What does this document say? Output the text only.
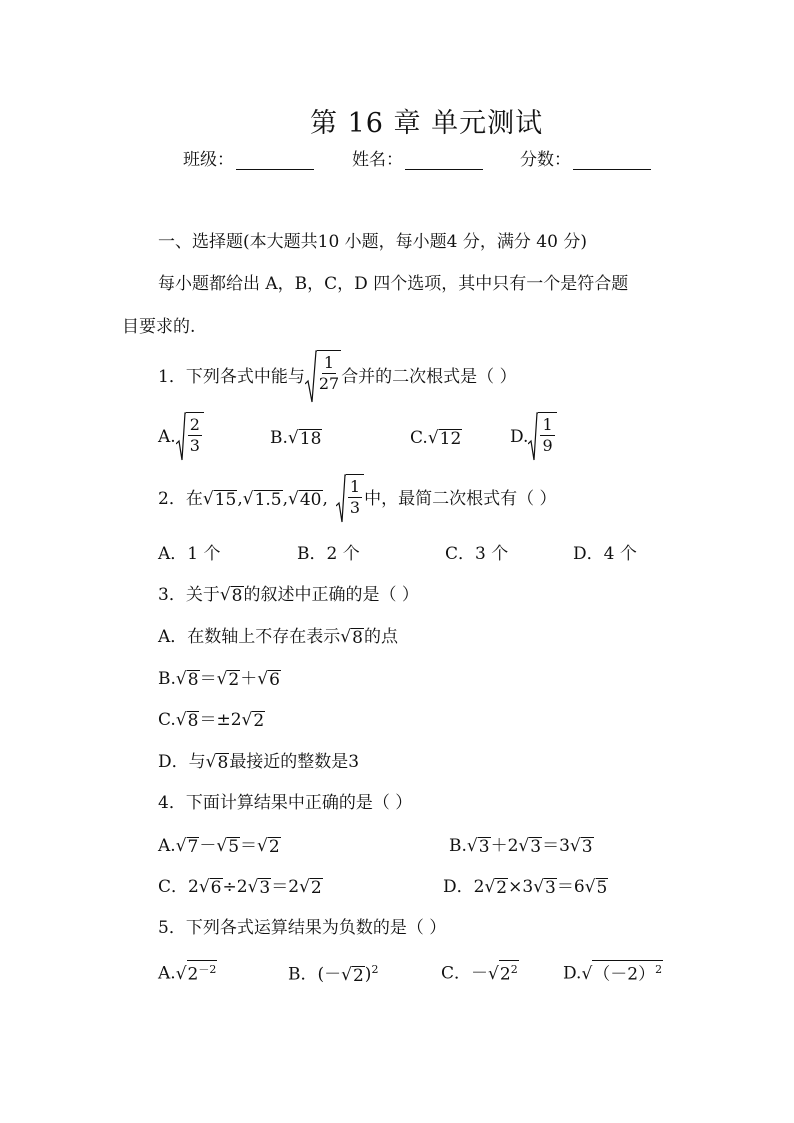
第 16 章 单元测试
班级：	姓名：	分数：
一、选择题(本大题共10 小题，每小题4 分，满分 40 分)
每小题都给出 A，B，C，D 四个选项，其中只有一个是符合题
目要求的.
1．下列各式中能与 $\frac{1}{27}$ 合并的二次根式是（ ）
A. $\frac{2}{3}$	B. √ 18	C. √ 12	D. $\frac{1}{9}$
2．在 √ 15 , √ 1.5 , √ 40 , $\frac{1}{3}$ 中，最简二次根式有（ ）
A．1 个	B．2 个	C．3 个	D．4 个
3．关于 √ 8 的叙述中正确的是（ ）
A．在数轴上不存在表示 √ 8 的点
B. √ 8 ＝ √ 2 ＋ √ 6
C. √ 8 ＝±2 √ 2
D．与 √ 8 最接近的整数是3
4．下面计算结果中正确的是（ ）
A. √ 7 － √ 5 ＝ √ 2	B. √ 3 ＋2 √ 3 ＝3 √ 3
C．2 √ 6 ÷2 √ 3 ＝2 √ 2	D．2 √ 2 ×3 √ 3 ＝6 √ 5
5．下列各式运算结果为负数的是（ ）
A. √ $2^{-2}$	B．(－ √ 2 )$^2$	C．－ √ $2^2$	D. √ $(-2)^2$
